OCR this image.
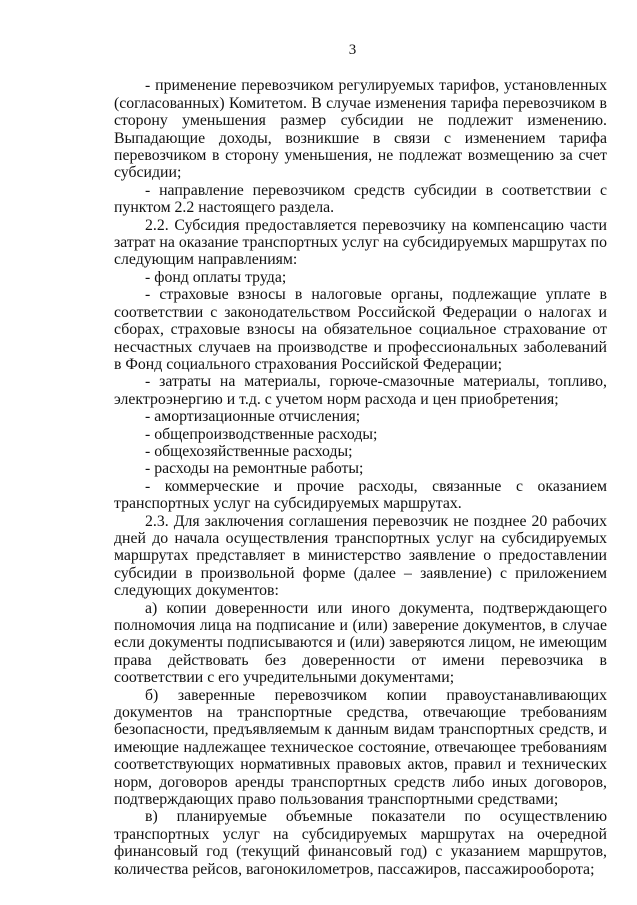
3

- применение перевозчиком регулируемых тарифов, установленных (согласованных) Комитетом. В случае изменения тарифа перевозчиком в сторону уменьшения размер субсидии не подлежит изменению. Выпадающие доходы, возникшие в связи с изменением тарифа перевозчиком в сторону уменьшения, не подлежат возмещению за счет субсидии;

- направление перевозчиком средств субсидии в соответствии с пунктом 2.2 настоящего раздела.

2.2. Субсидия предоставляется перевозчику на компенсацию части затрат на оказание транспортных услуг на субсидируемых маршрутах по следующим направлениям:

- фонд оплаты труда;

- страховые взносы в налоговые органы, подлежащие уплате в соответствии с законодательством Российской Федерации о налогах и сборах, страховые взносы на обязательное социальное страхование от несчастных случаев на производстве и профессиональных заболеваний в Фонд социального страхования Российской Федерации;

- затраты на материалы, горюче-смазочные материалы, топливо, электроэнергию и т.д. с учетом норм расхода и цен приобретения;

- амортизационные отчисления;

- общепроизводственные расходы;

- общехозяйственные расходы;

- расходы на ремонтные работы;

- коммерческие и прочие расходы, связанные с оказанием транспортных услуг на субсидируемых маршрутах.

2.3. Для заключения соглашения перевозчик не позднее 20 рабочих дней до начала осуществления транспортных услуг на субсидируемых маршрутах представляет в министерство заявление о предоставлении субсидии в произвольной форме (далее – заявление) с приложением следующих документов:

а) копии доверенности или иного документа, подтверждающего полномочия лица на подписание и (или) заверение документов, в случае если документы подписываются и (или) заверяются лицом, не имеющим права действовать без доверенности от имени перевозчика в соответствии с его учредительными документами;

б) заверенные перевозчиком копии правоустанавливающих документов на транспортные средства, отвечающие требованиям безопасности, предъявляемым к данным видам транспортных средств, и имеющие надлежащее техническое состояние, отвечающее требованиям соответствующих нормативных правовых актов, правил и технических норм, договоров аренды транспортных средств либо иных договоров, подтверждающих право пользования транспортными средствами;

в) планируемые объемные показатели по осуществлению транспортных услуг на субсидируемых маршрутах на очередной финансовый год (текущий финансовый год) с указанием маршрутов, количества рейсов, вагонокилометров, пассажиров, пассажирооборота;
